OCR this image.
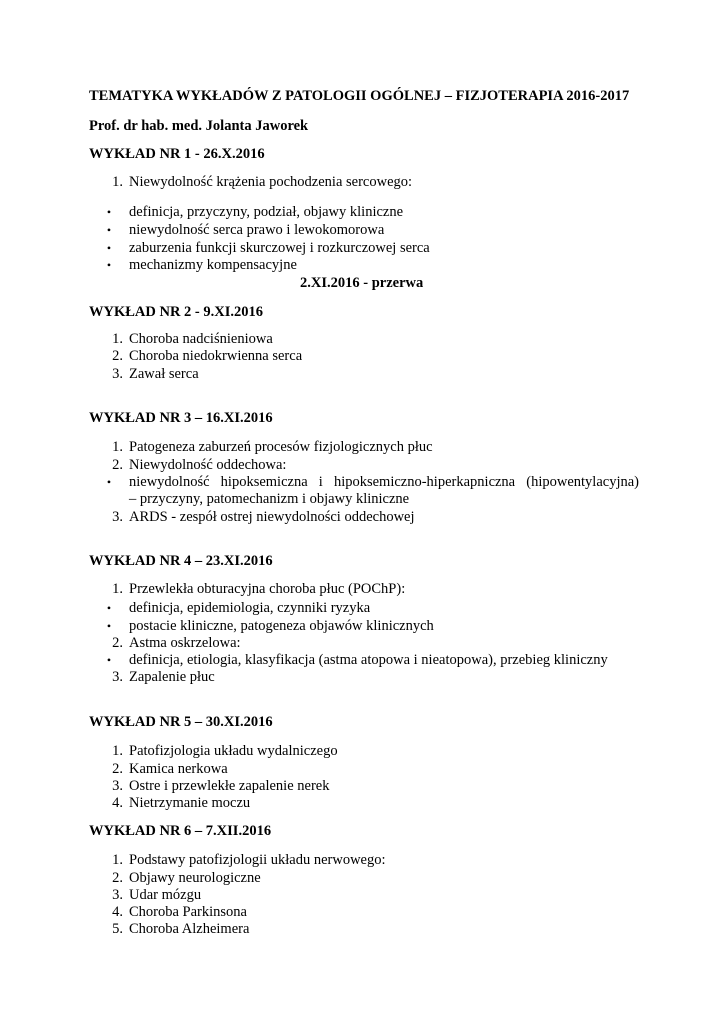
TEMATYKA WYKŁADÓW Z PATOLOGII OGÓLNEJ – FIZJOTERAPIA 2016-2017
Prof. dr hab. med. Jolanta Jaworek
WYKŁAD NR 1 - 26.X.2016
1. Niewydolność krążenia pochodzenia sercowego:
•	definicja, przyczyny, podział, objawy kliniczne
•	niewydolność serca prawo i lewokomorowa
•	zaburzenia funkcji skurczowej i rozkurczowej serca
•	mechanizmy kompensacyjne
2.XI.2016 - przerwa
WYKŁAD NR 2 - 9.XI.2016
1. Choroba nadciśnieniowa
2. Choroba niedokrwienna serca
3. Zawał serca
WYKŁAD NR 3 – 16.XI.2016
1. Patogeneza zaburzeń procesów fizjologicznych płuc
2. Niewydolność oddechowa:
•	niewydolność hipoksemiczna i hipoksemiczno-hiperkapniczna (hipowentylacyjna)
– przyczyny, patomechanizm i objawy kliniczne
3. ARDS - zespół ostrej niewydolności oddechowej
WYKŁAD NR 4 – 23.XI.2016
1. Przewlekła obturacyjna choroba płuc (POChP):
•	definicja, epidemiologia, czynniki ryzyka
•	postacie kliniczne, patogeneza objawów klinicznych
2. Astma oskrzelowa:
•	definicja, etiologia, klasyfikacja (astma atopowa i nieatopowa), przebieg kliniczny
3. Zapalenie płuc
WYKŁAD NR 5 – 30.XI.2016
1. Patofizjologia układu wydalniczego
2. Kamica nerkowa
3. Ostre i przewlekłe zapalenie nerek
4. Nietrzymanie moczu
WYKŁAD NR 6 – 7.XII.2016
1. Podstawy patofizjologii układu nerwowego:
2. Objawy neurologiczne
3. Udar mózgu
4. Choroba Parkinsona
5. Choroba Alzheimera
